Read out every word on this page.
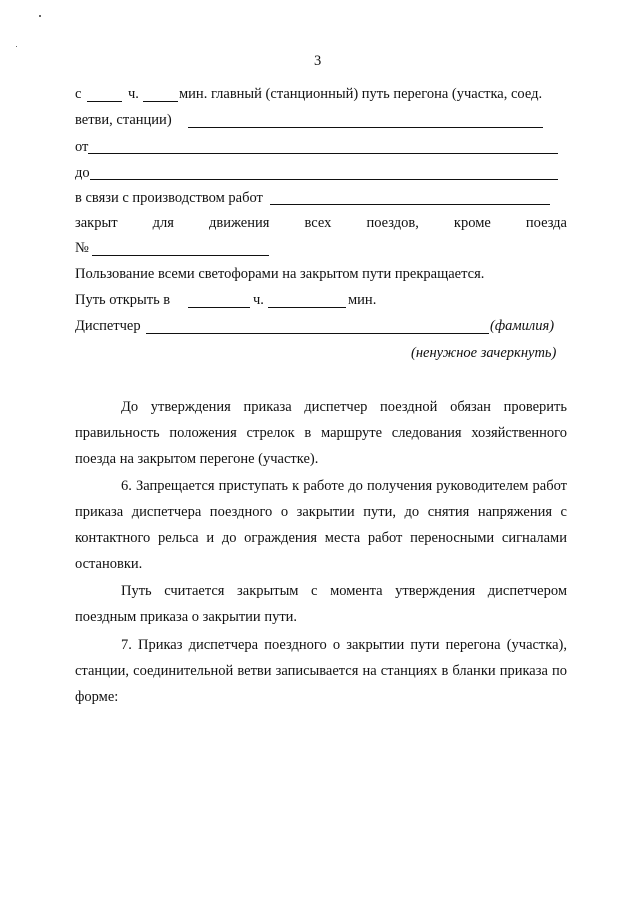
3
с	ч.	мин. главный (станционный) путь перегона (участка, соед.
ветви, станции)
от
до
в связи с производством работ
закрыт для движения всех поездов, кроме поезда
№
Пользование всеми светофорами на закрытом пути прекращается.
Путь открыть в	ч.	мин.
Диспетчер	(фамилия)
(ненужное зачеркнуть)
До утверждения приказа диспетчер поездной обязан проверить правильность положения стрелок в маршруте следования хозяйственного поезда на закрытом перегоне (участке).
6. Запрещается приступать к работе до получения руководителем работ приказа диспетчера поездного о закрытии пути, до снятия напряжения с контактного рельса и до ограждения места работ переносными сигналами остановки.
Путь считается закрытым с момента утверждения диспетчером поездным приказа о закрытии пути.
7. Приказ диспетчера поездного о закрытии пути перегона (участка), станции, соединительной ветви записывается на станциях в бланки приказа по форме:
